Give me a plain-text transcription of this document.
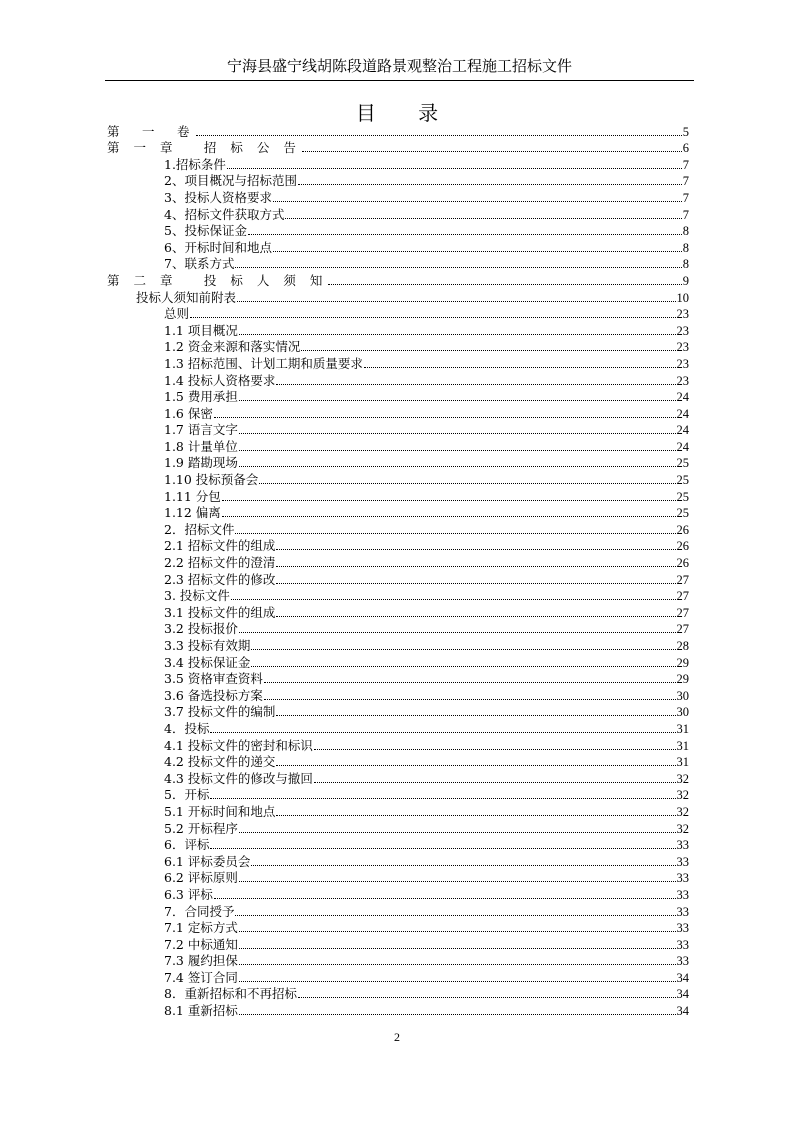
宁海县盛宁线胡陈段道路景观整治工程施工招标文件
目 录
第　一　卷	5
第 一 章　 招 标 公 告	6
1.招标条件	7
2、项目概况与招标范围	7
3、投标人资格要求	7
4、招标文件获取方式	7
5、投标保证金	8
6、开标时间和地点	8
7、联系方式	8
第 二 章　 投 标 人 须 知	9
投标人须知前附表	10
总则	23
1.1 项目概况	23
1.2 资金来源和落实情况	23
1.3 招标范围、计划工期和质量要求	23
1.4 投标人资格要求	23
1.5 费用承担	24
1.6 保密	24
1.7 语言文字	24
1.8 计量单位	24
1.9 踏勘现场	25
1.10 投标预备会	25
1.11 分包	25
1.12 偏离	25
2．招标文件	26
2.1 招标文件的组成	26
2.2 招标文件的澄清	26
2.3 招标文件的修改	27
3. 投标文件	27
3.1 投标文件的组成	27
3.2 投标报价	27
3.3 投标有效期	28
3.4 投标保证金	29
3.5 资格审查资料	29
3.6 备选投标方案	30
3.7 投标文件的编制	30
4．投标	31
4.1 投标文件的密封和标识	31
4.2 投标文件的递交	31
4.3 投标文件的修改与撤回	32
5．开标	32
5.1 开标时间和地点	32
5.2 开标程序	32
6．评标	33
6.1 评标委员会	33
6.2 评标原则	33
6.3 评标	33
7．合同授予	33
7.1 定标方式	33
7.2 中标通知	33
7.3 履约担保	33
7.4 签订合同	34
8．重新招标和不再招标	34
8.1 重新招标	34
2
